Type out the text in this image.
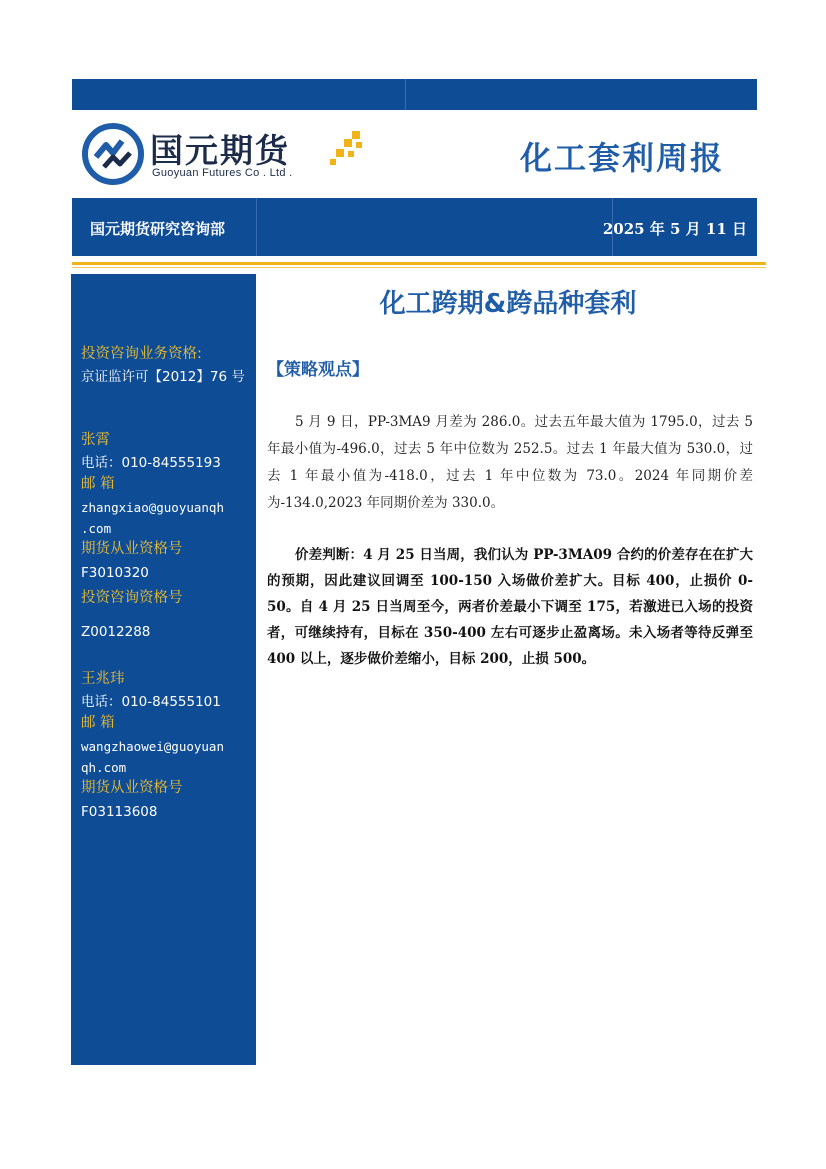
国元期货
Guoyuan Futures Co . Ltd .	化工套利周报
国元期货研究咨询部	2025 年 5 月 11 日
投资咨询业务资格:
京证监许可【2012】76 号
张霄
电话：010-84555193
邮 箱
zhangxiao@guoyuanqh
.com
期货从业资格号
F3010320
投资咨询资格号
Z0012288
王兆玮
电话：010-84555101
邮 箱
wangzhaowei@guoyuan
qh.com
期货从业资格号
F03113608
化工跨期&跨品种套利
【策略观点】

5 月 9 日，PP-3MA9 月差为 286.0。过去五年最大值为 1795.0，过去 5 年最小值为-496.0，过去 5 年中位数为 252.5。过去 1 年最大值为 530.0，过去 1 年最小值为-418.0，过去 1 年中位数为 73.0。2024 年同期价差为-134.0,2023 年同期价差为 330.0。

价差判断：4 月 25 日当周，我们认为 PP-3MA09 合约的价差存在在扩大的预期，因此建议回调至 100-150 入场做价差扩大。目标 400，止损价 0-50。自 4 月 25 日当周至今，两者价差最小下调至 175，若激进已入场的投资者，可继续持有，目标在 350-400 左右可逐步止盈离场。未入场者等待反弹至 400 以上，逐步做价差缩小，目标 200，止损 500。
